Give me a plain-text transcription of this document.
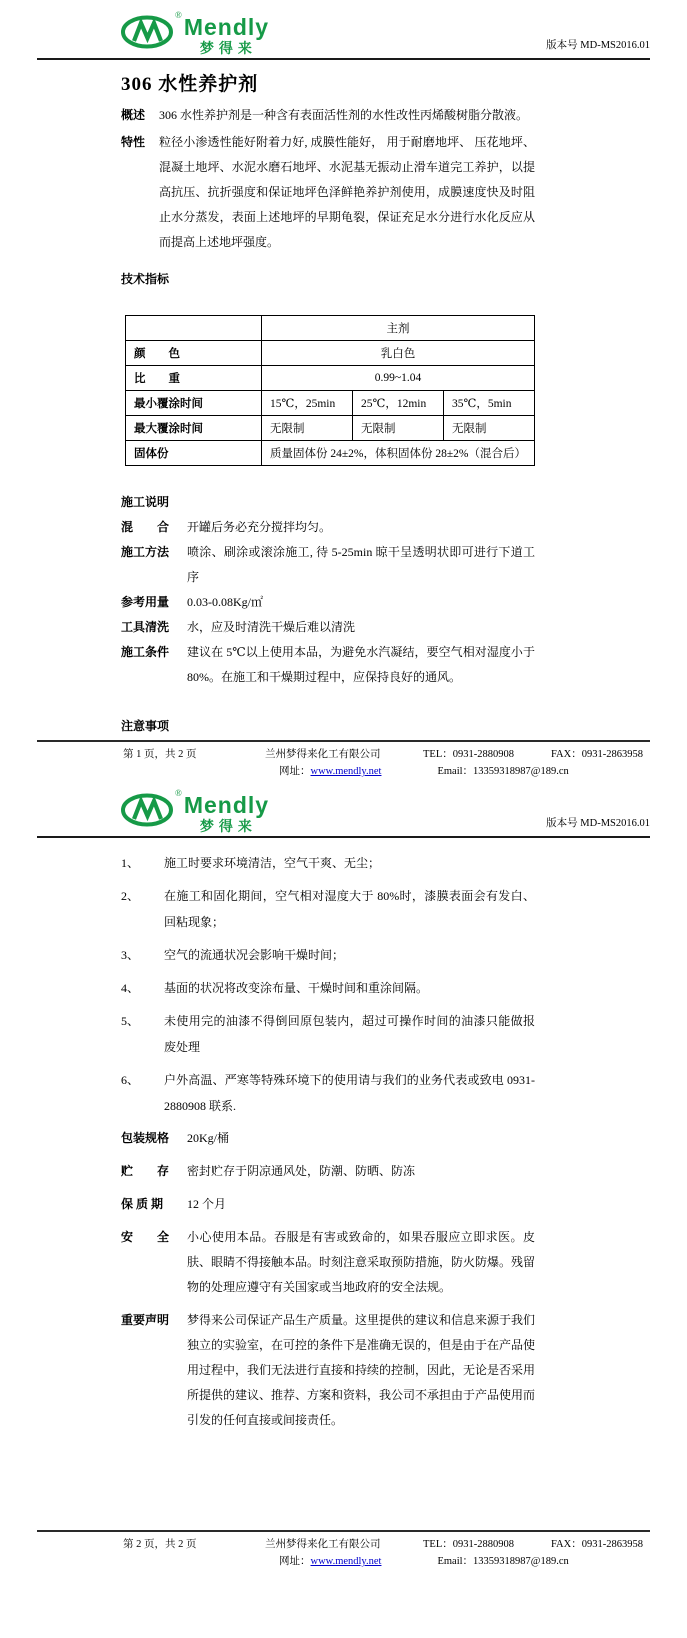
® Mendly
梦得来	版本号 MD-MS2016.01
306 水性养护剂
概述 306 水性养护剂是一种含有表面活性剂的水性改性丙烯酸树脂分散液。
特性 粒径小渗透性能好附着力好, 成膜性能好， 用于耐磨地坪、 压花地坪、 混凝土地坪、水泥水磨石地坪、水泥基无振动止滑车道完工养护，以提高抗压、抗折强度和保证地坪色泽鲜艳养护剂使用，成膜速度快及时阻止水分蒸发，表面上述地坪的早期龟裂，保证充足水分进行水化反应从而提高上述地坪强度。
技术指标
	主剂		
颜　　色	乳白色		
比　　重	0.99~1.04		
最小覆涂时间	15℃，25min	25℃，12min	35℃，5min
最大覆涂时间	无限制	无限制	无限制
固体份	质量固体份 24±2%，体积固体份 28±2%（混合后）		
施工说明
混　　合 开罐后务必充分搅拌均匀。
施工方法 喷涂、刷涂或滚涂施工, 待 5-25min 晾干呈透明状即可进行下道工序
参考用量 0.03-0.08Kg/㎡
工具清洗 水，应及时清洗干燥后难以清洗
施工条件 建议在 5℃以上使用本品，为避免水汽凝结，要空气相对湿度小于 80%。在施工和干燥期过程中，应保持良好的通风。
注意事项
第 1 页，共 2 页	兰州梦得来化工有限公司	TEL：0931-2880908	FAX：0931-2863958
网址：www.mendly.net	Email：13359318987@189.cn
® Mendly
梦得来	版本号 MD-MS2016.01
1、	施工时要求环境清洁，空气干爽、无尘；
2、	在施工和固化期间，空气相对湿度大于 80%时，漆膜表面会有发白、回粘现象；
3、	空气的流通状况会影响干燥时间；
4、	基面的状况将改变涂布量、干燥时间和重涂间隔。
5、	未使用完的油漆不得倒回原包装内，超过可操作时间的油漆只能做报废处理
6、	户外高温、严寒等特殊环境下的使用请与我们的业务代表或致电 0931-2880908 联系.
包装规格 20Kg/桶
贮　　存 密封贮存于阴凉通风处，防潮、防晒、防冻
保 质 期	12 个月
安　　全 小心使用本品。吞服是有害或致命的，如果吞服应立即求医。皮肤、眼睛不得接触本品。时刻注意采取预防措施，防火防爆。残留物的处理应遵守有关国家或当地政府的安全法规。
重要声明 梦得来公司保证产品生产质量。这里提供的建议和信息来源于我们独立的实验室，在可控的条件下是准确无误的，但是由于在产品使用过程中，我们无法进行直接和持续的控制，因此，无论是否采用所提供的建议、推荐、方案和资料，我公司不承担由于产品使用而引发的任何直接或间接责任。
第 2 页，共 2 页	兰州梦得来化工有限公司	TEL：0931-2880908	FAX：0931-2863958
网址：www.mendly.net	Email：13359318987@189.cn
